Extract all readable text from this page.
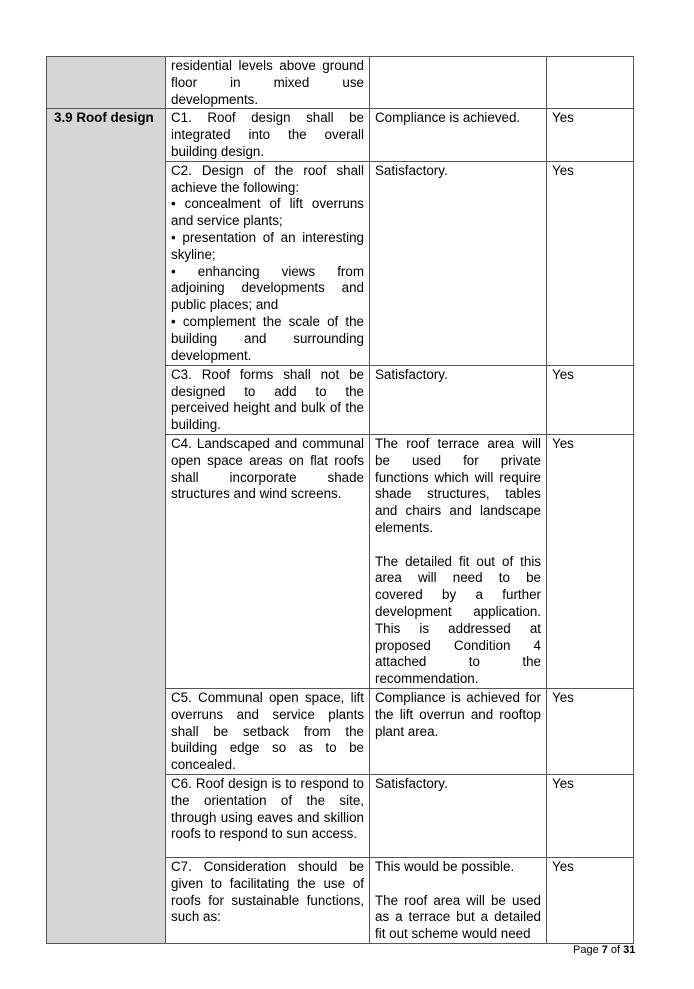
	residential levels above ground floor in mixed use developments.		
3.9 Roof design	C1. Roof design shall be integrated into the overall building design.	Compliance is achieved.	Yes

	C2. Design of the roof shall achieve the following:
• concealment of lift overruns and service plants;
• presentation of an interesting skyline;
• enhancing views from adjoining developments and public places; and
• complement the scale of the building and surrounding development.	Satisfactory.	Yes
	C3. Roof forms shall not be designed to add to the perceived height and bulk of the building.	Satisfactory.	Yes
	C4. Landscaped and communal open space areas on flat roofs shall incorporate shade structures and wind screens.	The roof terrace area will be used for private functions which will require shade structures, tables and chairs and landscape elements.
The detailed fit out of this area will need to be covered by a further development application. This is addressed at proposed Condition 4 attached to the recommendation.	Yes
	C5. Communal open space, lift overruns and service plants shall be setback from the building edge so as to be concealed.	Compliance is achieved for the lift overrun and rooftop plant area.	Yes
	C6. Roof design is to respond to the orientation of the site, through using eaves and skillion roofs to respond to sun access.	Satisfactory.	Yes
	C7. Consideration should be given to facilitating the use of roofs for sustainable functions, such as:	This would be possible.
The roof area will be used as a terrace but a detailed fit out scheme would need	Yes
Page 7 of 31
